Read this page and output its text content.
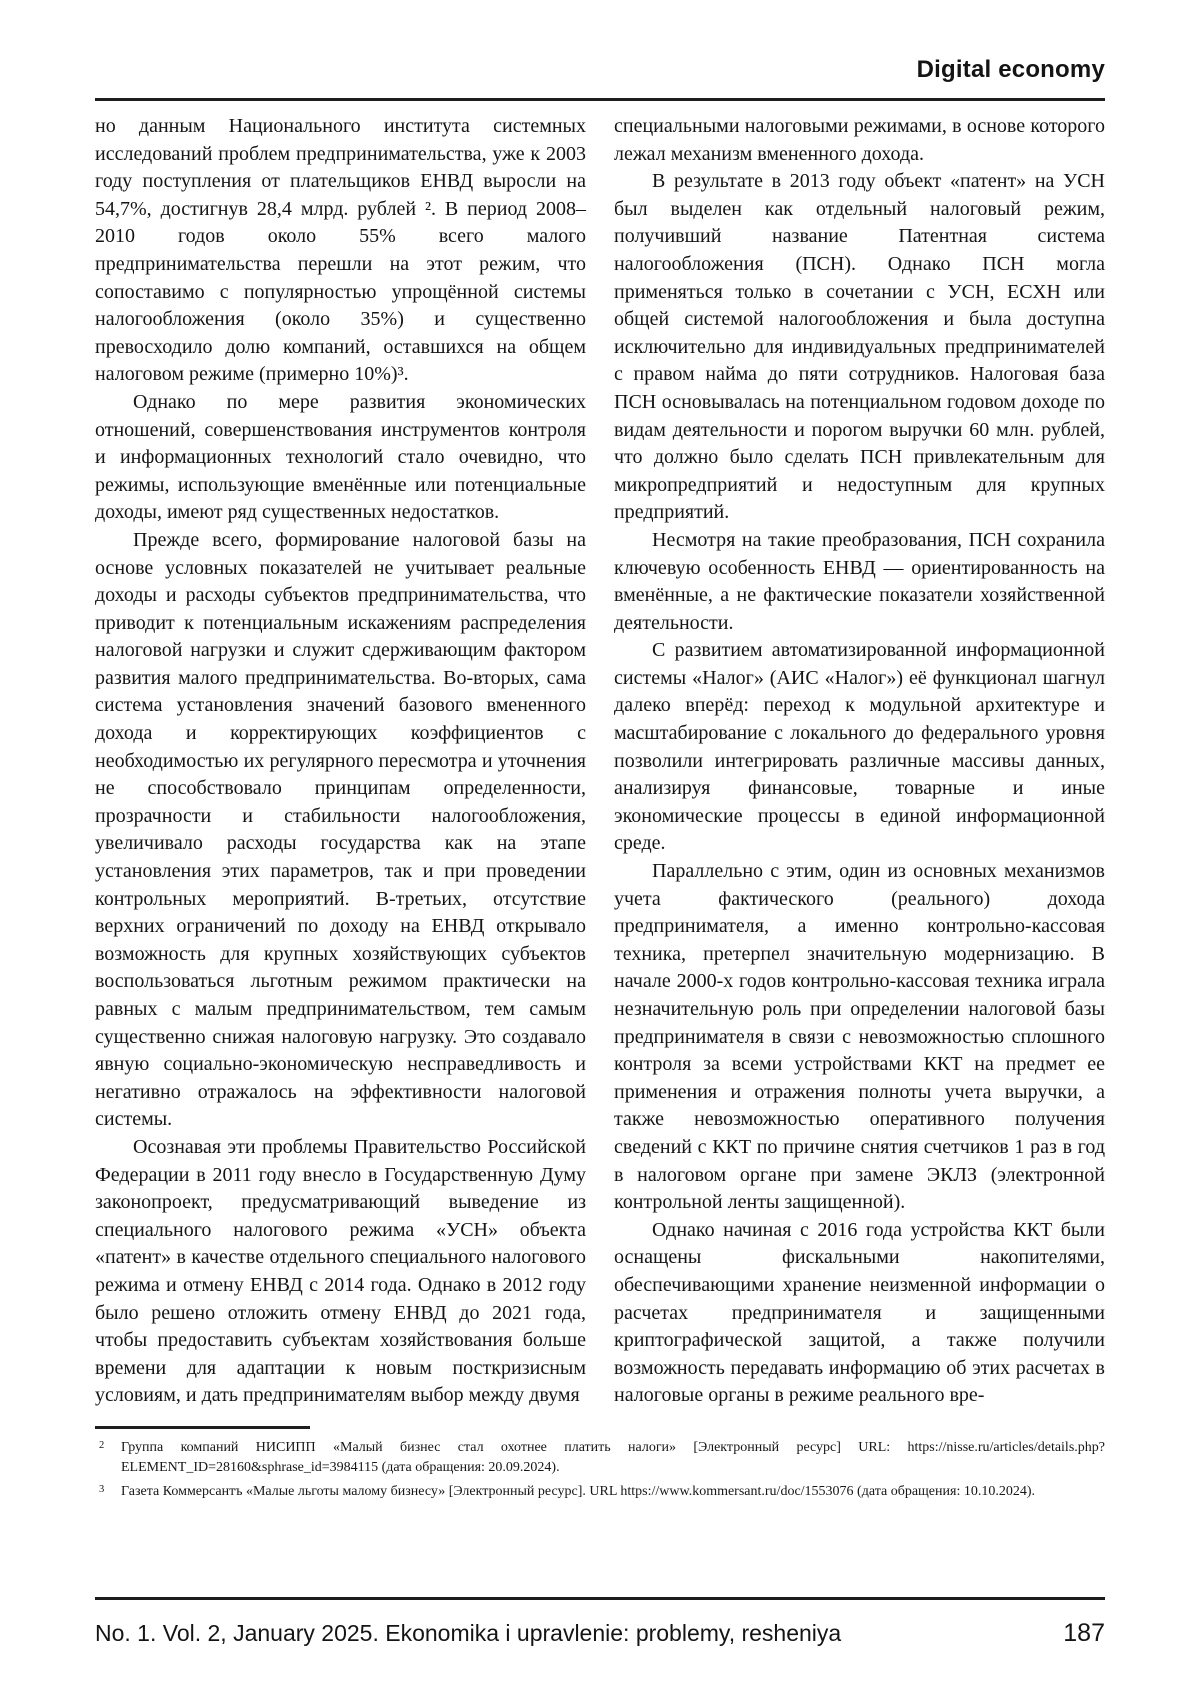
Digital economy

но данным Национального института системных исследований проблем предпринимательства, уже к 2003 году поступления от плательщиков ЕНВД выросли на 54,7%, достигнув 28,4 млрд. рублей ². В период 2008–2010 годов около 55% всего малого предпринимательства перешли на этот режим, что сопоставимо с популярностью упрощённой системы налогообложения (около 35%) и существенно превосходило долю компаний, оставшихся на общем налоговом режиме (примерно 10%)³.

Однако по мере развития экономических отношений, совершенствования инструментов контроля и информационных технологий стало очевидно, что режимы, использующие вменённые или потенциальные доходы, имеют ряд существенных недостатков.

Прежде всего, формирование налоговой базы на основе условных показателей не учитывает реальные доходы и расходы субъектов предпринимательства, что приводит к потенциальным искажениям распределения налоговой нагрузки и служит сдерживающим фактором развития малого предпринимательства. Во-вторых, сама система установления значений базового вмененного дохода и корректирующих коэффициентов с необходимостью их регулярного пересмотра и уточнения не способствовало принципам определенности, прозрачности и стабильности налогообложения, увеличивало расходы государства как на этапе установления этих параметров, так и при проведении контрольных мероприятий. В-третьих, отсутствие верхних ограничений по доходу на ЕНВД открывало возможность для крупных хозяйствующих субъектов воспользоваться льготным режимом практически на равных с малым предпринимательством, тем самым существенно снижая налоговую нагрузку. Это создавало явную социально-экономическую несправедливость и негативно отражалось на эффективности налоговой системы.

Осознавая эти проблемы Правительство Российской Федерации в 2011 году внесло в Государственную Думу законопроект, предусматривающий выведение из специального налогового режима «УСН» объекта «патент» в качестве отдельного специального налогового режима и отмену ЕНВД с 2014 года. Однако в 2012 году было решено отложить отмену ЕНВД до 2021 года, чтобы предоставить субъектам хозяйствования больше времени для адаптации к новым посткризисным условиям, и дать предпринимателям выбор между двумя

специальными налоговыми режимами, в основе которого лежал механизм вмененного дохода.

В результате в 2013 году объект «патент» на УСН был выделен как отдельный налоговый режим, получивший название Патентная система налогообложения (ПСН). Однако ПСН могла применяться только в сочетании с УСН, ЕСХН или общей системой налогообложения и была доступна исключительно для индивидуальных предпринимателей с правом найма до пяти сотрудников. Налоговая база ПСН основывалась на потенциальном годовом доходе по видам деятельности и порогом выручки 60 млн. рублей, что должно было сделать ПСН привлекательным для микропредприятий и недоступным для крупных предприятий.

Несмотря на такие преобразования, ПСН сохранила ключевую особенность ЕНВД — ориентированность на вменённые, а не фактические показатели хозяйственной деятельности.

С развитием автоматизированной информационной системы «Налог» (АИС «Налог») её функционал шагнул далеко вперёд: переход к модульной архитектуре и масштабирование с локального до федерального уровня позволили интегрировать различные массивы данных, анализируя финансовые, товарные и иные экономические процессы в единой информационной среде.

Параллельно с этим, один из основных механизмов учета фактического (реального) дохода предпринимателя, а именно контрольно-кассовая техника, претерпел значительную модернизацию. В начале 2000-х годов контрольно-кассовая техника играла незначительную роль при определении налоговой базы предпринимателя в связи с невозможностью сплошного контроля за всеми устройствами ККТ на предмет ее применения и отражения полноты учета выручки, а также невозможностью оперативного получения сведений с ККТ по причине снятия счетчиков 1 раз в год в налоговом органе при замене ЭКЛЗ (электронной контрольной ленты защищенной).

Однако начиная с 2016 года устройства ККТ были оснащены фискальными накопителями, обеспечивающими хранение неизменной информации о расчетах предпринимателя и защищенными криптографической защитой, а также получили возможность передавать информацию об этих расчетах в налоговые органы в режиме реального вре-

2 Группа компаний НИСИПП «Малый бизнес стал охотнее платить налоги» [Электронный ресурс] URL: https://nisse.ru/articles/details.php? ELEMENT_ID=28160&sphrase_id=3984115 (дата обращения: 20.09.2024).
3 Газета Коммерсантъ «Малые льготы малому бизнесу» [Электронный ресурс]. URL https://www.kommersant.ru/doc/1553076 (дата обращения: 10.10.2024).
No. 1. Vol. 2, January 2025. Ekonomika i upravlenie: problemy, resheniya	187
